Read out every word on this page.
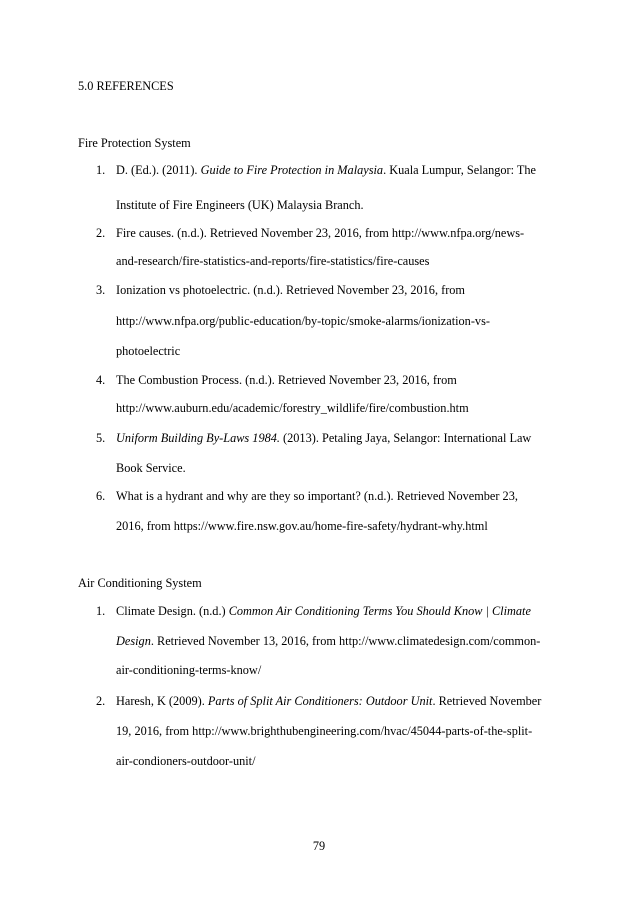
5.0 REFERENCES
Fire Protection System
1. D. (Ed.). (2011). Guide to Fire Protection in Malaysia. Kuala Lumpur, Selangor: The
Institute of Fire Engineers (UK) Malaysia Branch.
2. Fire causes. (n.d.). Retrieved November 23, 2016, from http://www.nfpa.org/news-
and-research/fire-statistics-and-reports/fire-statistics/fire-causes
3. Ionization vs photoelectric. (n.d.). Retrieved November 23, 2016, from
http://www.nfpa.org/public-education/by-topic/smoke-alarms/ionization-vs-
photoelectric
4. The Combustion Process. (n.d.). Retrieved November 23, 2016, from
http://www.auburn.edu/academic/forestry_wildlife/fire/combustion.htm
5. Uniform Building By-Laws 1984. (2013). Petaling Jaya, Selangor: International Law
Book Service.
6. What is a hydrant and why are they so important? (n.d.). Retrieved November 23,
2016, from https://www.fire.nsw.gov.au/home-fire-safety/hydrant-why.html
Air Conditioning System
1. Climate Design. (n.d.) Common Air Conditioning Terms You Should Know | Climate
Design. Retrieved November 13, 2016, from http://www.climatedesign.com/common-
air-conditioning-terms-know/
2. Haresh, K (2009). Parts of Split Air Conditioners: Outdoor Unit. Retrieved November
19, 2016, from http://www.brighthubengineering.com/hvac/45044-parts-of-the-split-
air-condioners-outdoor-unit/
79
